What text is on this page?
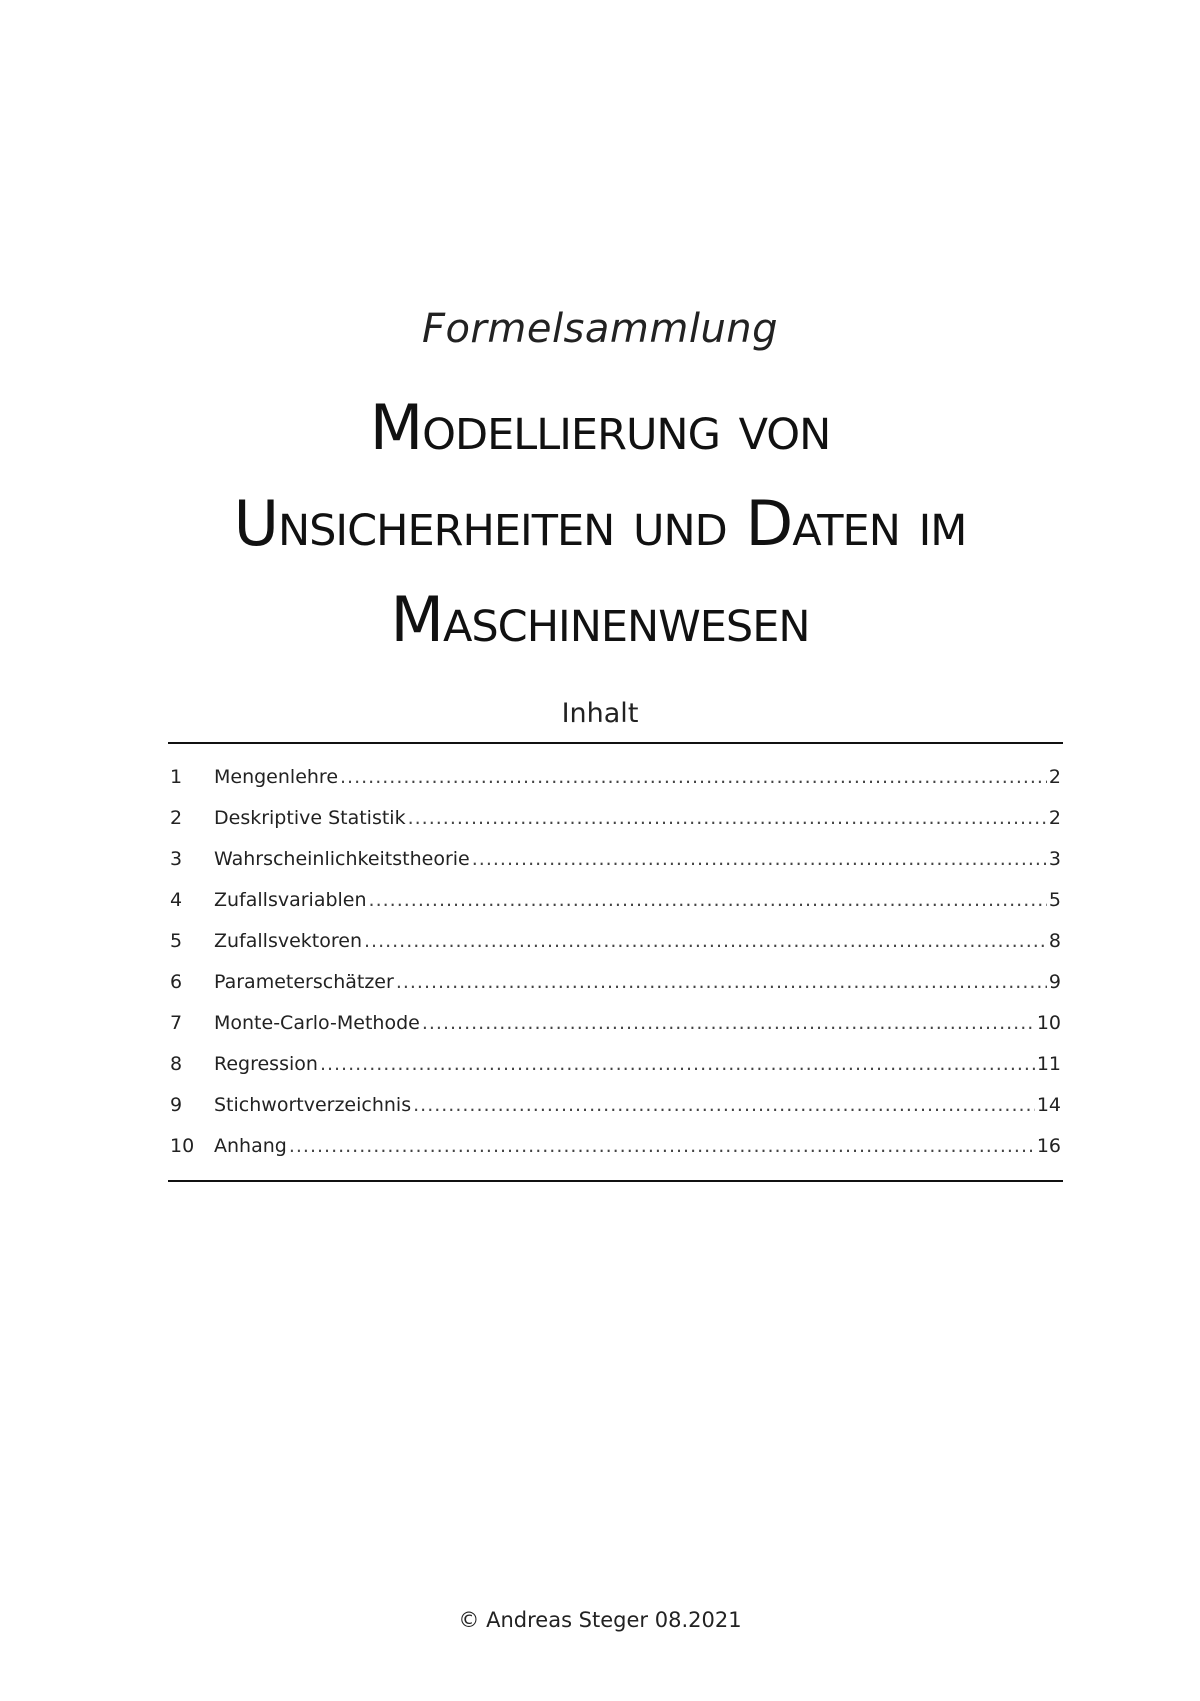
Formelsammlung
Modellierung von
Unsicherheiten und Daten im
Maschinenwesen
Inhalt
1	Mengenlehre .....	2
2	Deskriptive Statistik .....	2
3	Wahrscheinlichkeitstheorie .....	3
4	Zufallsvariablen .....	5
5	Zufallsvektoren .....	8
6	Parameterschätzer .....	9
7	Monte-Carlo-Methode .....	10
8	Regression .....	11
9	Stichwortverzeichnis .....	14
10	Anhang .....	16
© Andreas Steger 08.2021
